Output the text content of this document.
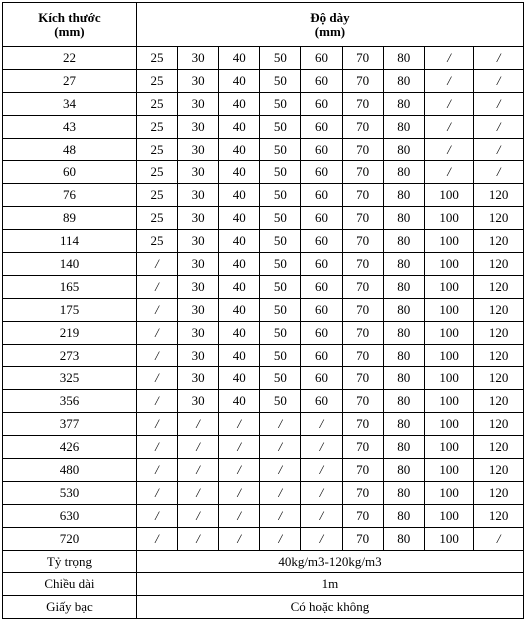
Kích thước
(mm)	Độ dày
(mm)								
22	25	30	40	50	60	70	80	/	/
27	25	30	40	50	60	70	80	/	/
34	25	30	40	50	60	70	80	/	/
43	25	30	40	50	60	70	80	/	/
48	25	30	40	50	60	70	80	/	/
60	25	30	40	50	60	70	80	/	/
76	25	30	40	50	60	70	80	100	120
89	25	30	40	50	60	70	80	100	120
114	25	30	40	50	60	70	80	100	120
140	/	30	40	50	60	70	80	100	120
165	/	30	40	50	60	70	80	100	120
175	/	30	40	50	60	70	80	100	120
219	/	30	40	50	60	70	80	100	120
273	/	30	40	50	60	70	80	100	120
325	/	30	40	50	60	70	80	100	120
356	/	30	40	50	60	70	80	100	120
377	/	/	/	/	/	70	80	100	120
426	/	/	/	/	/	70	80	100	120
480	/	/	/	/	/	70	80	100	120
530	/	/	/	/	/	70	80	100	120
630	/	/	/	/	/	70	80	100	120
720	/	/	/	/	/	70	80	100	/
Tỷ trọng	40kg/m3-120kg/m3								
Chiều dài	1m								
Giấy bạc	Có hoặc không								
